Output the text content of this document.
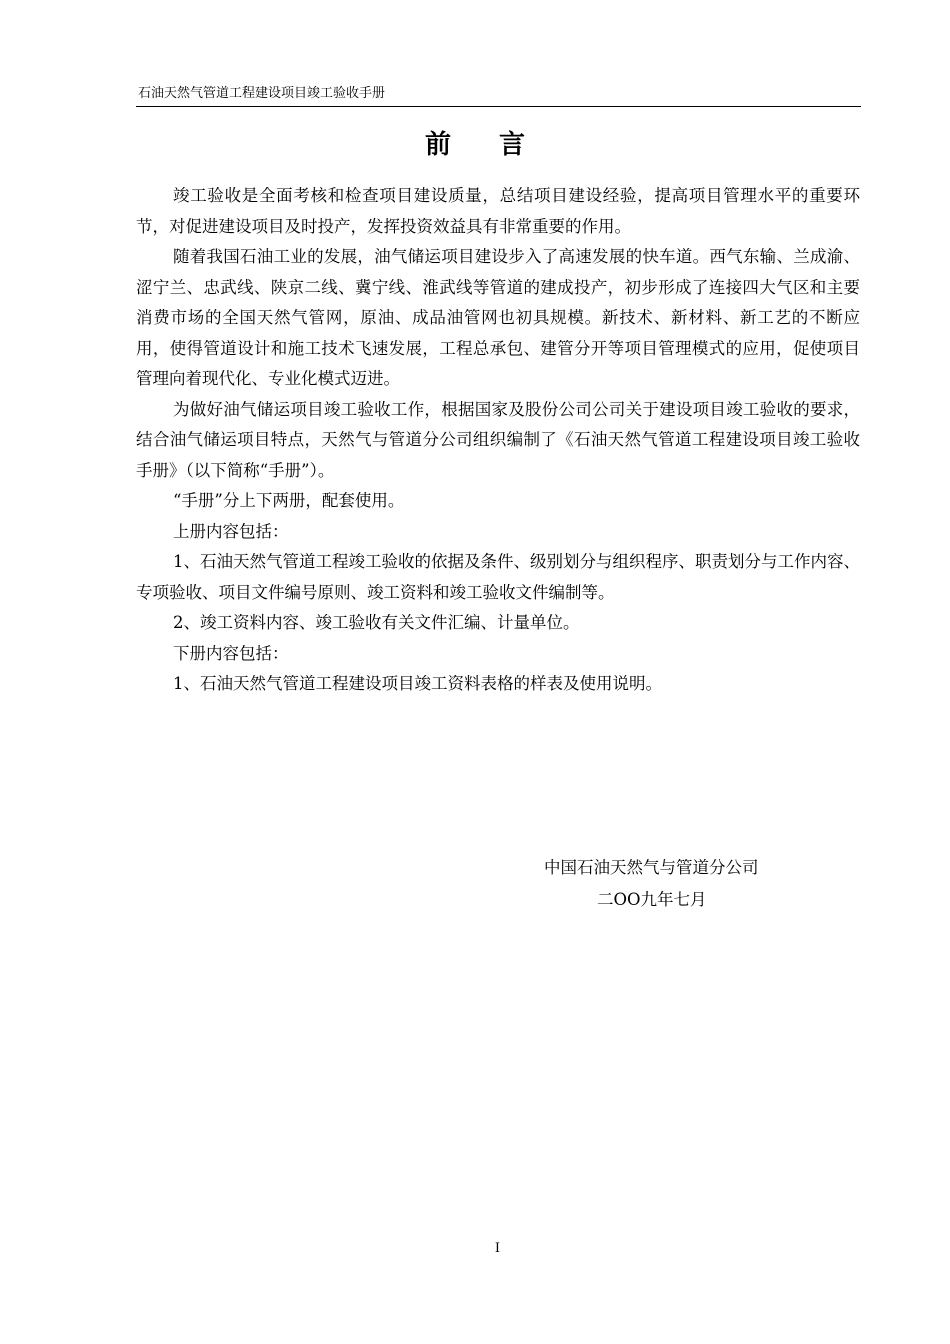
石油天然气管道工程建设项目竣工验收手册
前言

竣工验收是全面考核和检查项目建设质量，总结项目建设经验，提高项目管理水平的重要环节，对促进建设项目及时投产，发挥投资效益具有非常重要的作用。

随着我国石油工业的发展，油气储运项目建设步入了高速发展的快车道。西气东输、兰成渝、涩宁兰、忠武线、陕京二线、冀宁线、淮武线等管道的建成投产，初步形成了连接四大气区和主要消费市场的全国天然气管网，原油、成品油管网也初具规模。新技术、新材料、新工艺的不断应用，使得管道设计和施工技术飞速发展，工程总承包、建管分开等项目管理模式的应用，促使项目管理向着现代化、专业化模式迈进。

为做好油气储运项目竣工验收工作，根据国家及股份公司公司关于建设项目竣工验收的要求，结合油气储运项目特点，天然气与管道分公司组织编制了《石油天然气管道工程建设项目竣工验收手册》（以下简称“手册”）。

“手册”分上下两册，配套使用。

上册内容包括：

1、石油天然气管道工程竣工验收的依据及条件、级别划分与组织程序、职责划分与工作内容、专项验收、项目文件编号原则、竣工资料和竣工验收文件编制等。

2、竣工资料内容、竣工验收有关文件汇编、计量单位。

下册内容包括：

1、石油天然气管道工程建设项目竣工资料表格的样表及使用说明。

中国石油天然气与管道分公司
二OO九年七月
I
